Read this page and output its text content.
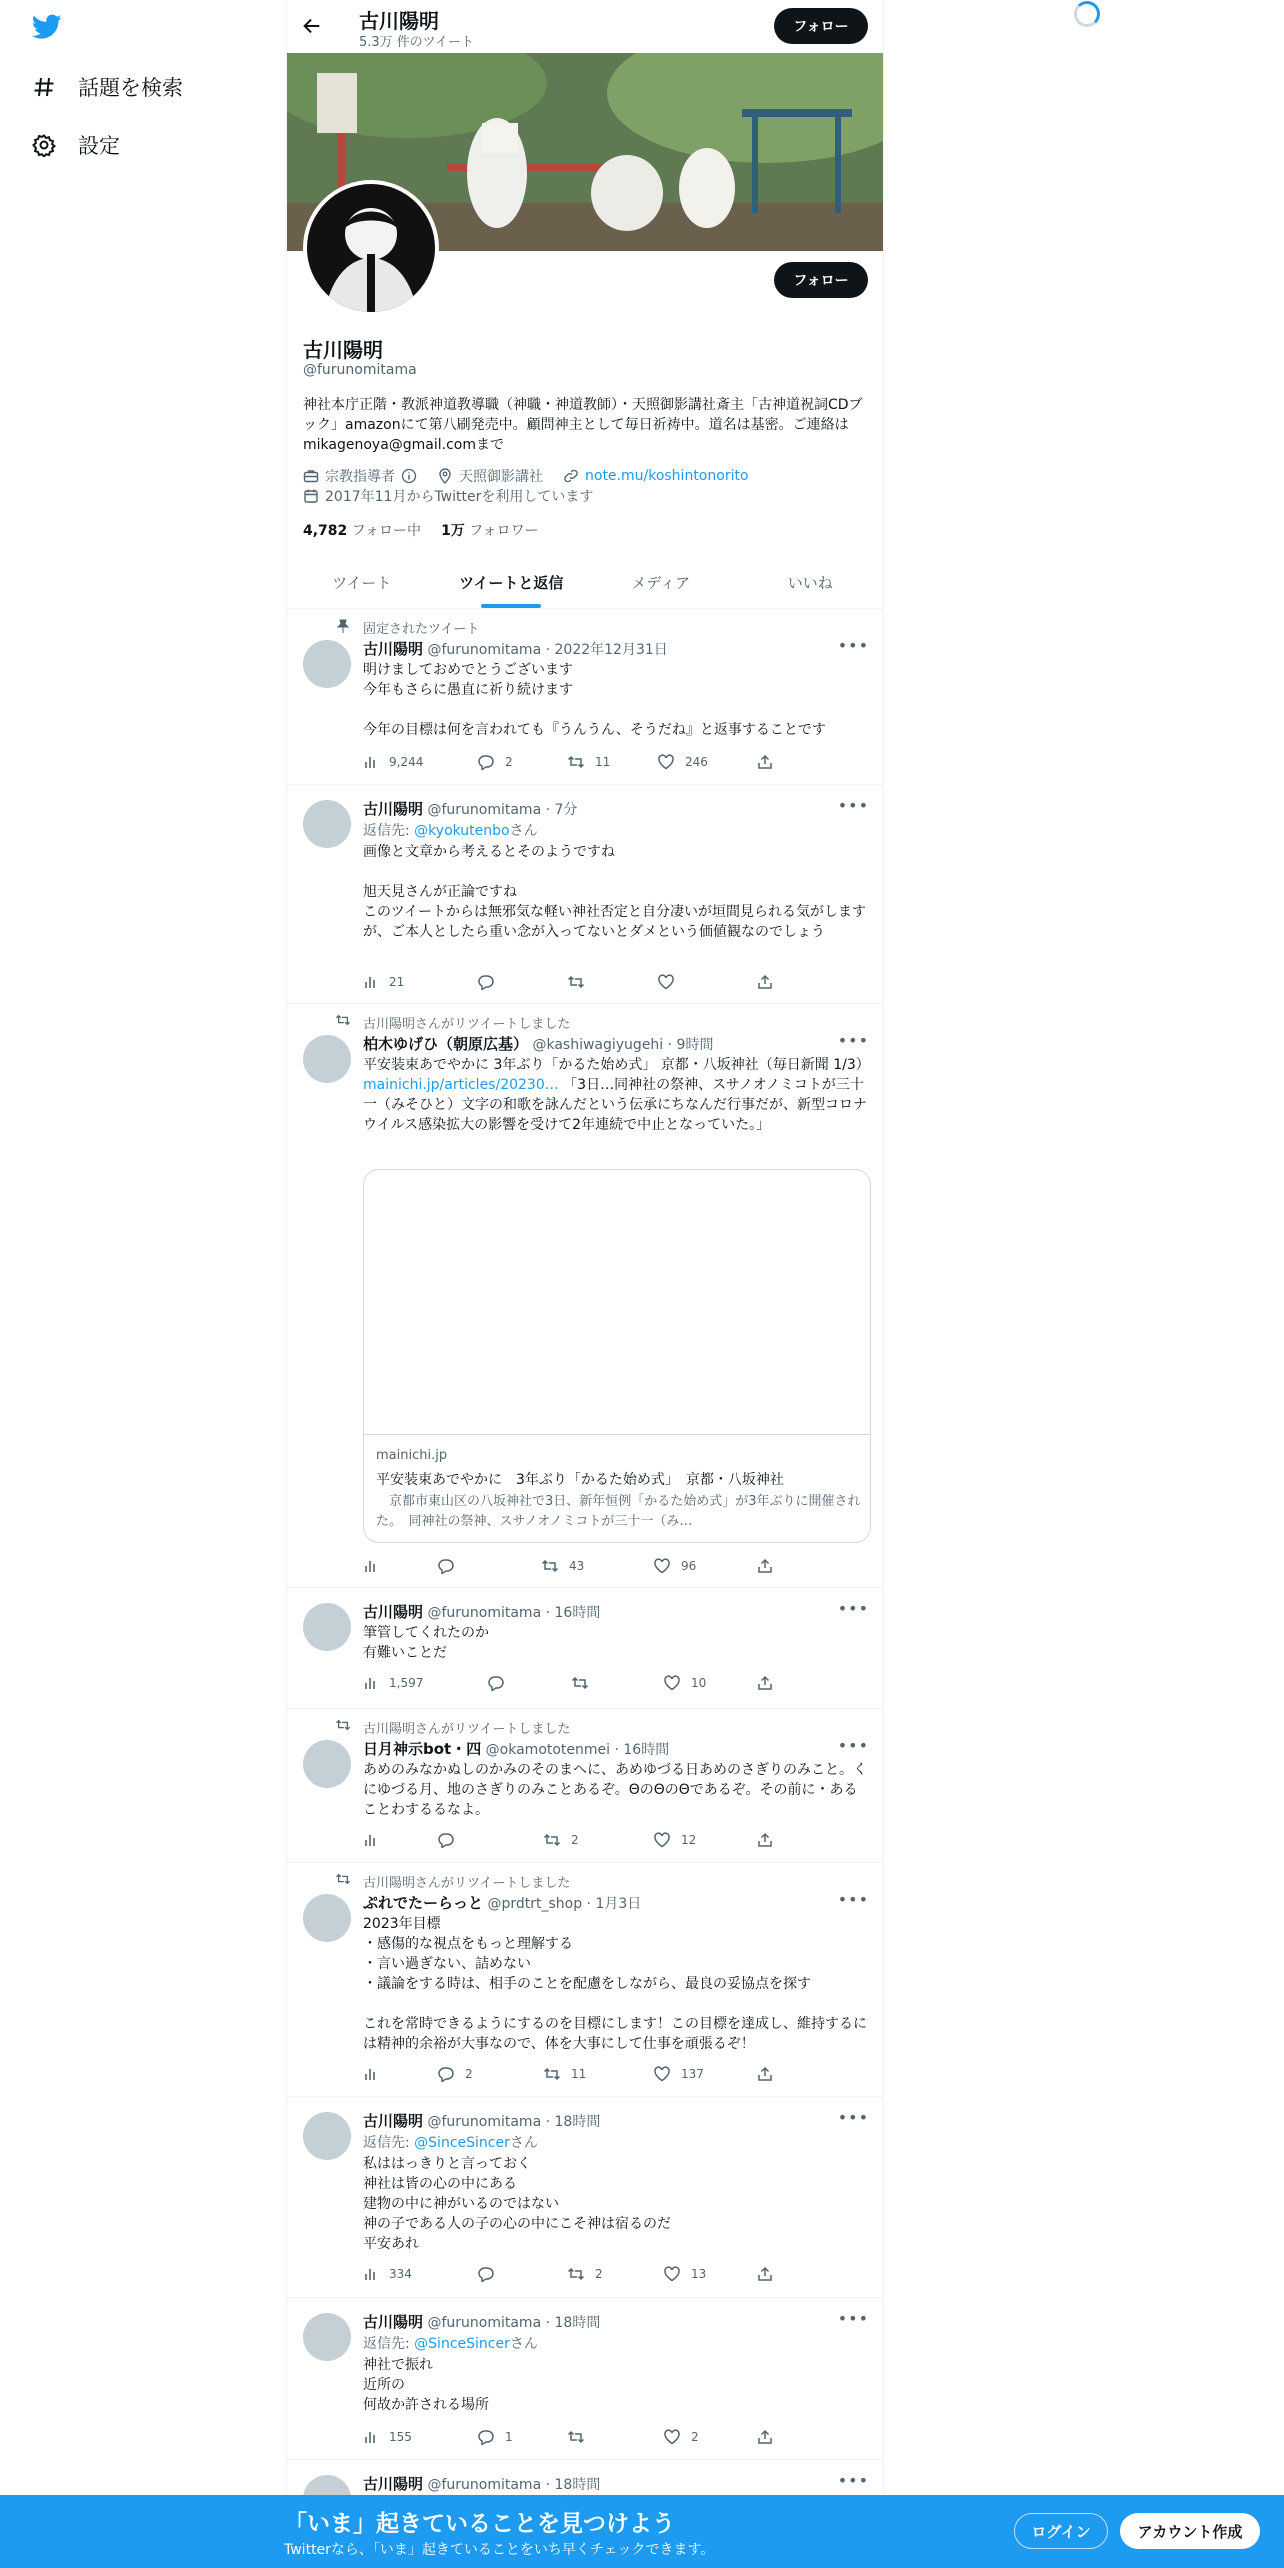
話題を検索
設定
古川陽明
5.3万 件のツイート
フォロー
フォロー
古川陽明
@furunomitama
神社本庁正階・教派神道教導職（神職・神道教師）・天照御影講社斎主「古神道祝詞CDブック」amazonにて第八刷発売中。顧問神主として毎日祈祷中。道名は基密。ご連絡はmikagenoya@gmail.comまで
宗教指導者	天照御影講社	note.mu/koshintonorito
2017年11月からTwitterを利用しています
4,782 フォロー中 1万 フォロワー
ツイート	ツイートと返信	メディア	いいね
固定されたツイート
古川陽明 @furunomitama · 2022年12月31日	•••
明けましておめでとうございます
今年もさらに愚直に祈り続けます

今年の目標は何を言われても『うんうん、そうだね』と返事することです
9,244	2	11	246
古川陽明 @furunomitama · 7分	•••
返信先: @kyokutenboさん
画像と文章から考えるとそのようですね

旭天見さんが正論ですね
このツイートからは無邪気な軽い神社否定と自分凄いが垣間見られる気がしますが、ご本人としたら重い念が入ってないとダメという価値観なのでしょう
21
古川陽明さんがリツイートしました
柏木ゆげひ（朝原広基） @kashiwagiyugehi · 9時間	•••
平安装束あでやかに 3年ぶり「かるた始め式」 京都・八坂神社（毎日新聞 1/3） mainichi.jp/articles/20230… 「3日…同神社の祭神、スサノオノミコトが三十一（みそひと）文字の和歌を詠んだという伝承にちなんだ行事だが、新型コロナウイルス感染拡大の影響を受けて2年連続で中止となっていた。」
mainichi.jp
平安装束あでやかに　3年ぶり「かるた始め式」　京都・八坂神社
　京都市東山区の八坂神社で3日、新年恒例「かるた始め式」が3年ぶりに開催された。　同神社の祭神、スサノオノミコトが三十一（み…
43	96
古川陽明 @furunomitama · 16時間	•••
筆管してくれたのか
有難いことだ
1,597	10
古川陽明さんがリツイートしました
日月神示bot・四 @okamototenmei · 16時間	•••
あめのみなかぬしのかみのそのまへに、あめゆづる日あめのさぎりのみこと。くにゆづる月、地のさぎりのみことあるぞ。ΘのΘのΘであるぞ。その前に・あることわするるなよ。
2	12
古川陽明さんがリツイートしました
ぷれでたーらっと @prdtrt_shop · 1月3日	•••
2023年目標
・感傷的な視点をもっと理解する
・言い過ぎない、詰めない
・議論をする時は、相手のことを配慮をしながら、最良の妥協点を探す

これを常時できるようにするのを目標にします！この目標を達成し、維持するには精神的余裕が大事なので、体を大事にして仕事を頑張るぞ！
2	11	137
古川陽明 @furunomitama · 18時間	•••
返信先: @SinceSincerさん
私ははっきりと言っておく
神社は皆の心の中にある
建物の中に神がいるのではない
神の子である人の子の心の中にこそ神は宿るのだ
平安あれ
334	2	13
古川陽明 @furunomitama · 18時間	•••
返信先: @SinceSincerさん
神社で振れ
近所の
何故か許される場所
155	1	2
古川陽明 @furunomitama · 18時間	•••
「いま」起きていることを見つけよう
Twitterなら、「いま」起きていることをいち早くチェックできます。
ログイン	アカウント作成
